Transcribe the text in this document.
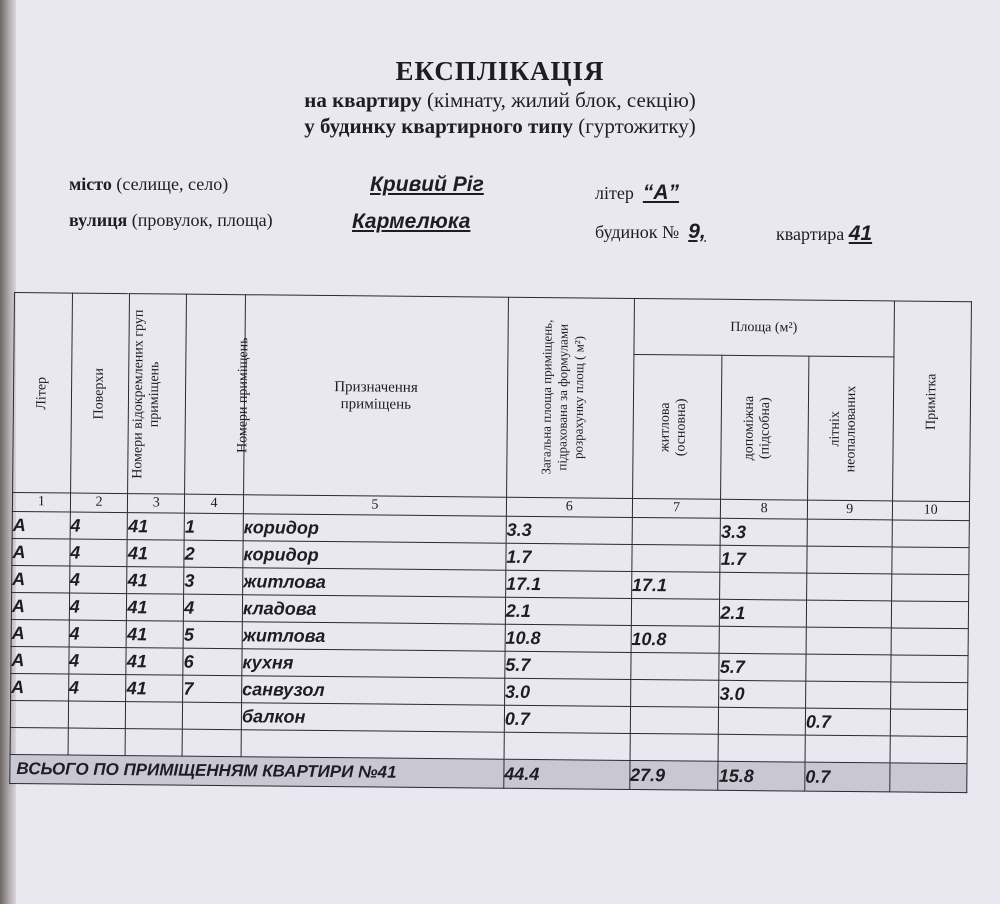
ЕКСПЛІКАЦІЯ
на квартиру (кімнату, жилий блок, секцію)
у будинку квартирного типу (гуртожитку)
місто (селище, село)	Кривий Ріг	літер “A”
вулиця (провулок, площа)	Кармелюка	будинок № 9,	квартира 41
Літер	Поверхи	Номери відокремлених груп приміщень	Номери приміщень	Призначення приміщень	Загальна площа приміщень, підрахована за формулами розрахунку площ ( м²)	Площа (м²)			Примітка
						житлова (основна)	допоміжна (підсобна)	літніх неопалюваних	
1	2	3	4	5	6	7	8	9	10
А	4	41	1	коридор	3.3		3.3		
А	4	41	2	коридор	1.7		1.7		
А	4	41	3	житлова	17.1	17.1			
А	4	41	4	кладова	2.1		2.1		
А	4	41	5	житлова	10.8	10.8			
А	4	41	6	кухня	5.7		5.7		
А	4	41	7	санвузол	3.0		3.0		
				балкон	0.7			0.7	

ВСЬОГО ПО ПРИМІЩЕННЯМ КВАРТИРИ №41					44.4	27.9	15.8	0.7	
